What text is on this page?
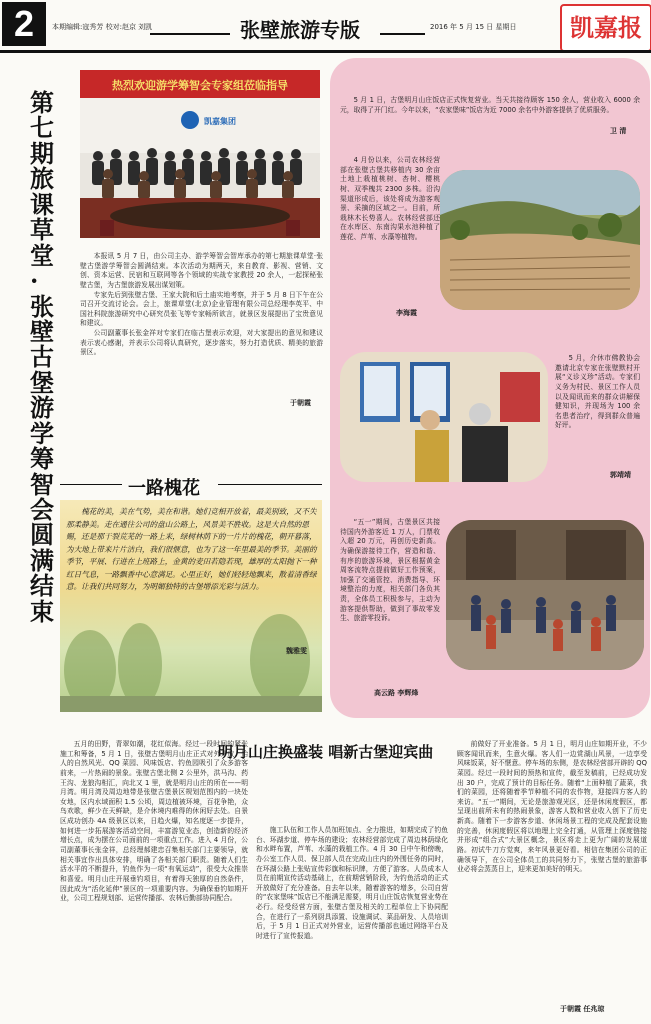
2	本期编辑:寇秀芳 校对:赵京 刘凯	张壁旅游专版	2016 年 5 月 15 日 星期日	凯嘉报
第七期旅课草堂·张壁古堡游学筹智会圆满结束
热烈欢迎游学筹智会专家组莅临指导
凯嘉集团

本报讯 5 月 7 日，由公司主办、游学筹智会智库承办的第七期旅课草堂·张壁古堡游学筹智会圆满结束。本次活动为期两天，来自教育、影视、营销、文创、资本运营、民宿和互联网等各个领域的实战专家教授 20 余人，一起探秘张壁古堡，为古堡旅游发展出谋划策。

专家先后到张壁古堡、王家大院和后土庙实地考察，并于 5 月 8 日下午在公司召开交流讨论会。会上，旅课草堂(北京)企业管理有限公司总经理李英平、中国社科院旅游研究中心研究员张飞等专家畅所欲言，就景区发展提出了宝贵意见和建议。

公司副董事长张金祥对专家们在临古堡表示欢迎，对大家提出的意见和建议表示衷心感谢，并表示公司将认真研究，逐步落实，努力打造优质、精美的旅游景区。

于朝霞

5 月 1 日，古堡明月山庄饭店正式恢复营业。当天共接待顾客 150 余人，营业收入 6000 余元，取得了开门红。今年以来，“农家堡味”饭店为近 7000 余名中外游客提供了优质服务。

卫 清

4 月份以来，公司农林经营部在张壁古堡共移植内 30 余亩土地上栽植桃树、杏树、樱桃树、双季槐共 2300 多株。沿沟渠道形成后，该处将成为游客观景、采摘的区域之一。目前，所栽林木长势喜人。农林经营部还在水库区、东南沟果水池种植了莲花、芦苇、水藻等植物。

李海霞

5 月，介休市佛教协会邀请北京专家在张壁默村开展“义诊义珍”活动。专家们义务为村民、景区工作人员以及闻讯而来的群众讲解保健知识，并现场为 100 余名患者治疗，得到群众普遍好评。

郭靖靖

“五一”期间，古堡景区共接待国内外游客近 1 万人，门票收入超 20 万元，再创历史新高。为确保游接待工作，营造和谐、有序的旅游环境，景区根据黄金周客流特点提前做好工作预案，加强了交通管控、消费指导、环境整治的力度，相关部门各负其责，全体员工积极参与，主动为游客提供帮助，做到了事故零发生、旅游零投诉。

高云路 李辉烽
一路槐花
槐花的美，美在气势，美在和谐。她们竞相开放着，最美别致，又不失那柔静美。走在通往公司的盘山公路上，风景美不胜收。这是大自然的恩赐，还是那干裂荒芜的一路上来，绿树林荫下的一片片的槐花，朝开暮落，为大地上带来片片洁白，我们很惬意，也为了这一年里最美的季节。美丽的季节，平展、行进在上班路上，金黄的麦田若隐若现，雄厚的太阳抛下一种红日气息，一路飘香中心意满足。心里正好，她们轻轻地飘来，散着清香绿意。让我们共同努力，为明媚独特的古堡增添光彩与活力。
魏雅雯
明月山庄换盛装 唱新古堡迎宾曲

五月的田野，青翠如潮，花红似海。经过一段时间的紧张施工和筹备，5 月 1 日，张壁古堡明月山庄正式对外开放，怡人的自然风光、QQ 菜园、风味饭店、钓鱼园吸引了众多游客前来，一片热闹的景象。张壁古堡北侧 2 公里外，洪马沟、药王沟、龙狼沟相汇，向北又 1 里，就是明月山庄的所在——明月湾。明月湾及周边地带是张壁古堡景区规划范围内的一块处女地，区内水域面积 1.5 公顷，周边植被环境，百花争艳，众鸟欢歌，鲜少在天鲜缺，是介休境内难得的休闲好去处。自景区成功创办 4A 级景区以来，日趋火爆，知名度逐一步提升，如何进一步拓展游客活动空间，丰富游览业态，创造新的经济增长点，成为摆在公司面前的一项重点工作。进入 4 月份，公司副董事长张金祥，总经理郝建忠召集相关部门主要领导，就相关事宜作出具体安排，明确了各相关部门职责。随着人们生活水平的不断提升，钓鱼作为一项“有氧运动”，很受大众推崇和喜爱。明月山庄开展垂钓项目，有着得天独厚的自然条件，因此成为“活化延伸”景区的一项重要内容。为确保垂钓如期开业，公司工程规划部、运营传播部、农林后勤部协同配合。

施工队伍和工作人员加班加点、全力推进，如期完成了钓鱼台、环湖步道、停车场的建设；农林经营部完成了周边林荫绿化和水畔布置，芦苇、水藻的栽植工作。4 月 30 日中午和傍晚，办公室工作人员、保卫部人员在完成山庄内的外围任务的同时，在环湖公路上张贴宣传彩旗和标识牌，方便了游客。人员成本人员在前期宣传活动基础上，在前期营销阶段，为钓鱼活动的正式开放做好了充分准备。自去年以来，随着游客的增多，公司自营的“农家堡味”饭店已不能满足需要，明月山庄饭店恢复营业势在必行。经受经营方面，张壁古堡及相关的工程单位上下协同配合，在进行了一系列厨具添置、设施调试、菜品研发、人员培训后，于 5 月 1 日正式对外营业，运营传播部也通过网络平台及时进行了宣传报道。

前做好了开业准备。5 月 1 日，明月山庄如期开业，不少顾客闻讯而来，生意火爆。客人们一边赏湖山风景，一边享受风味饭菜，好不惬意。停车场的东侧，是农林经营部开辟的 QQ 菜园。经过一段时间的预热和宣传，截至发稿前，已经成功发出 30 户，完成了预计的目标任务。随着“上面种植了蔬菜，我们的菜园，还将随着季节种植不同的农作物，迎接四方客人的来访。“五一”期间，无论是旅游观光区，还是休闲度假区，都呈现出前所未有的热闹景象，游客人数和营业收入创下了历史新高。随着下一步游客步道、休闲场景工程的完成及配套设施的完善，休闲度假区将以地理上完全打通，从管理上深度链接并形成“组合式”大景区概念，景区将走上更为广阔的发展道路。初试牛刀方觉爽，来年风景更好看。相信在集团公司的正确领导下，在公司全体员工的共同努力下，张壁古堡的旅游事业必将会蒸蒸日上，迎来更加美好的明天。

于朝霞 任兆琼
